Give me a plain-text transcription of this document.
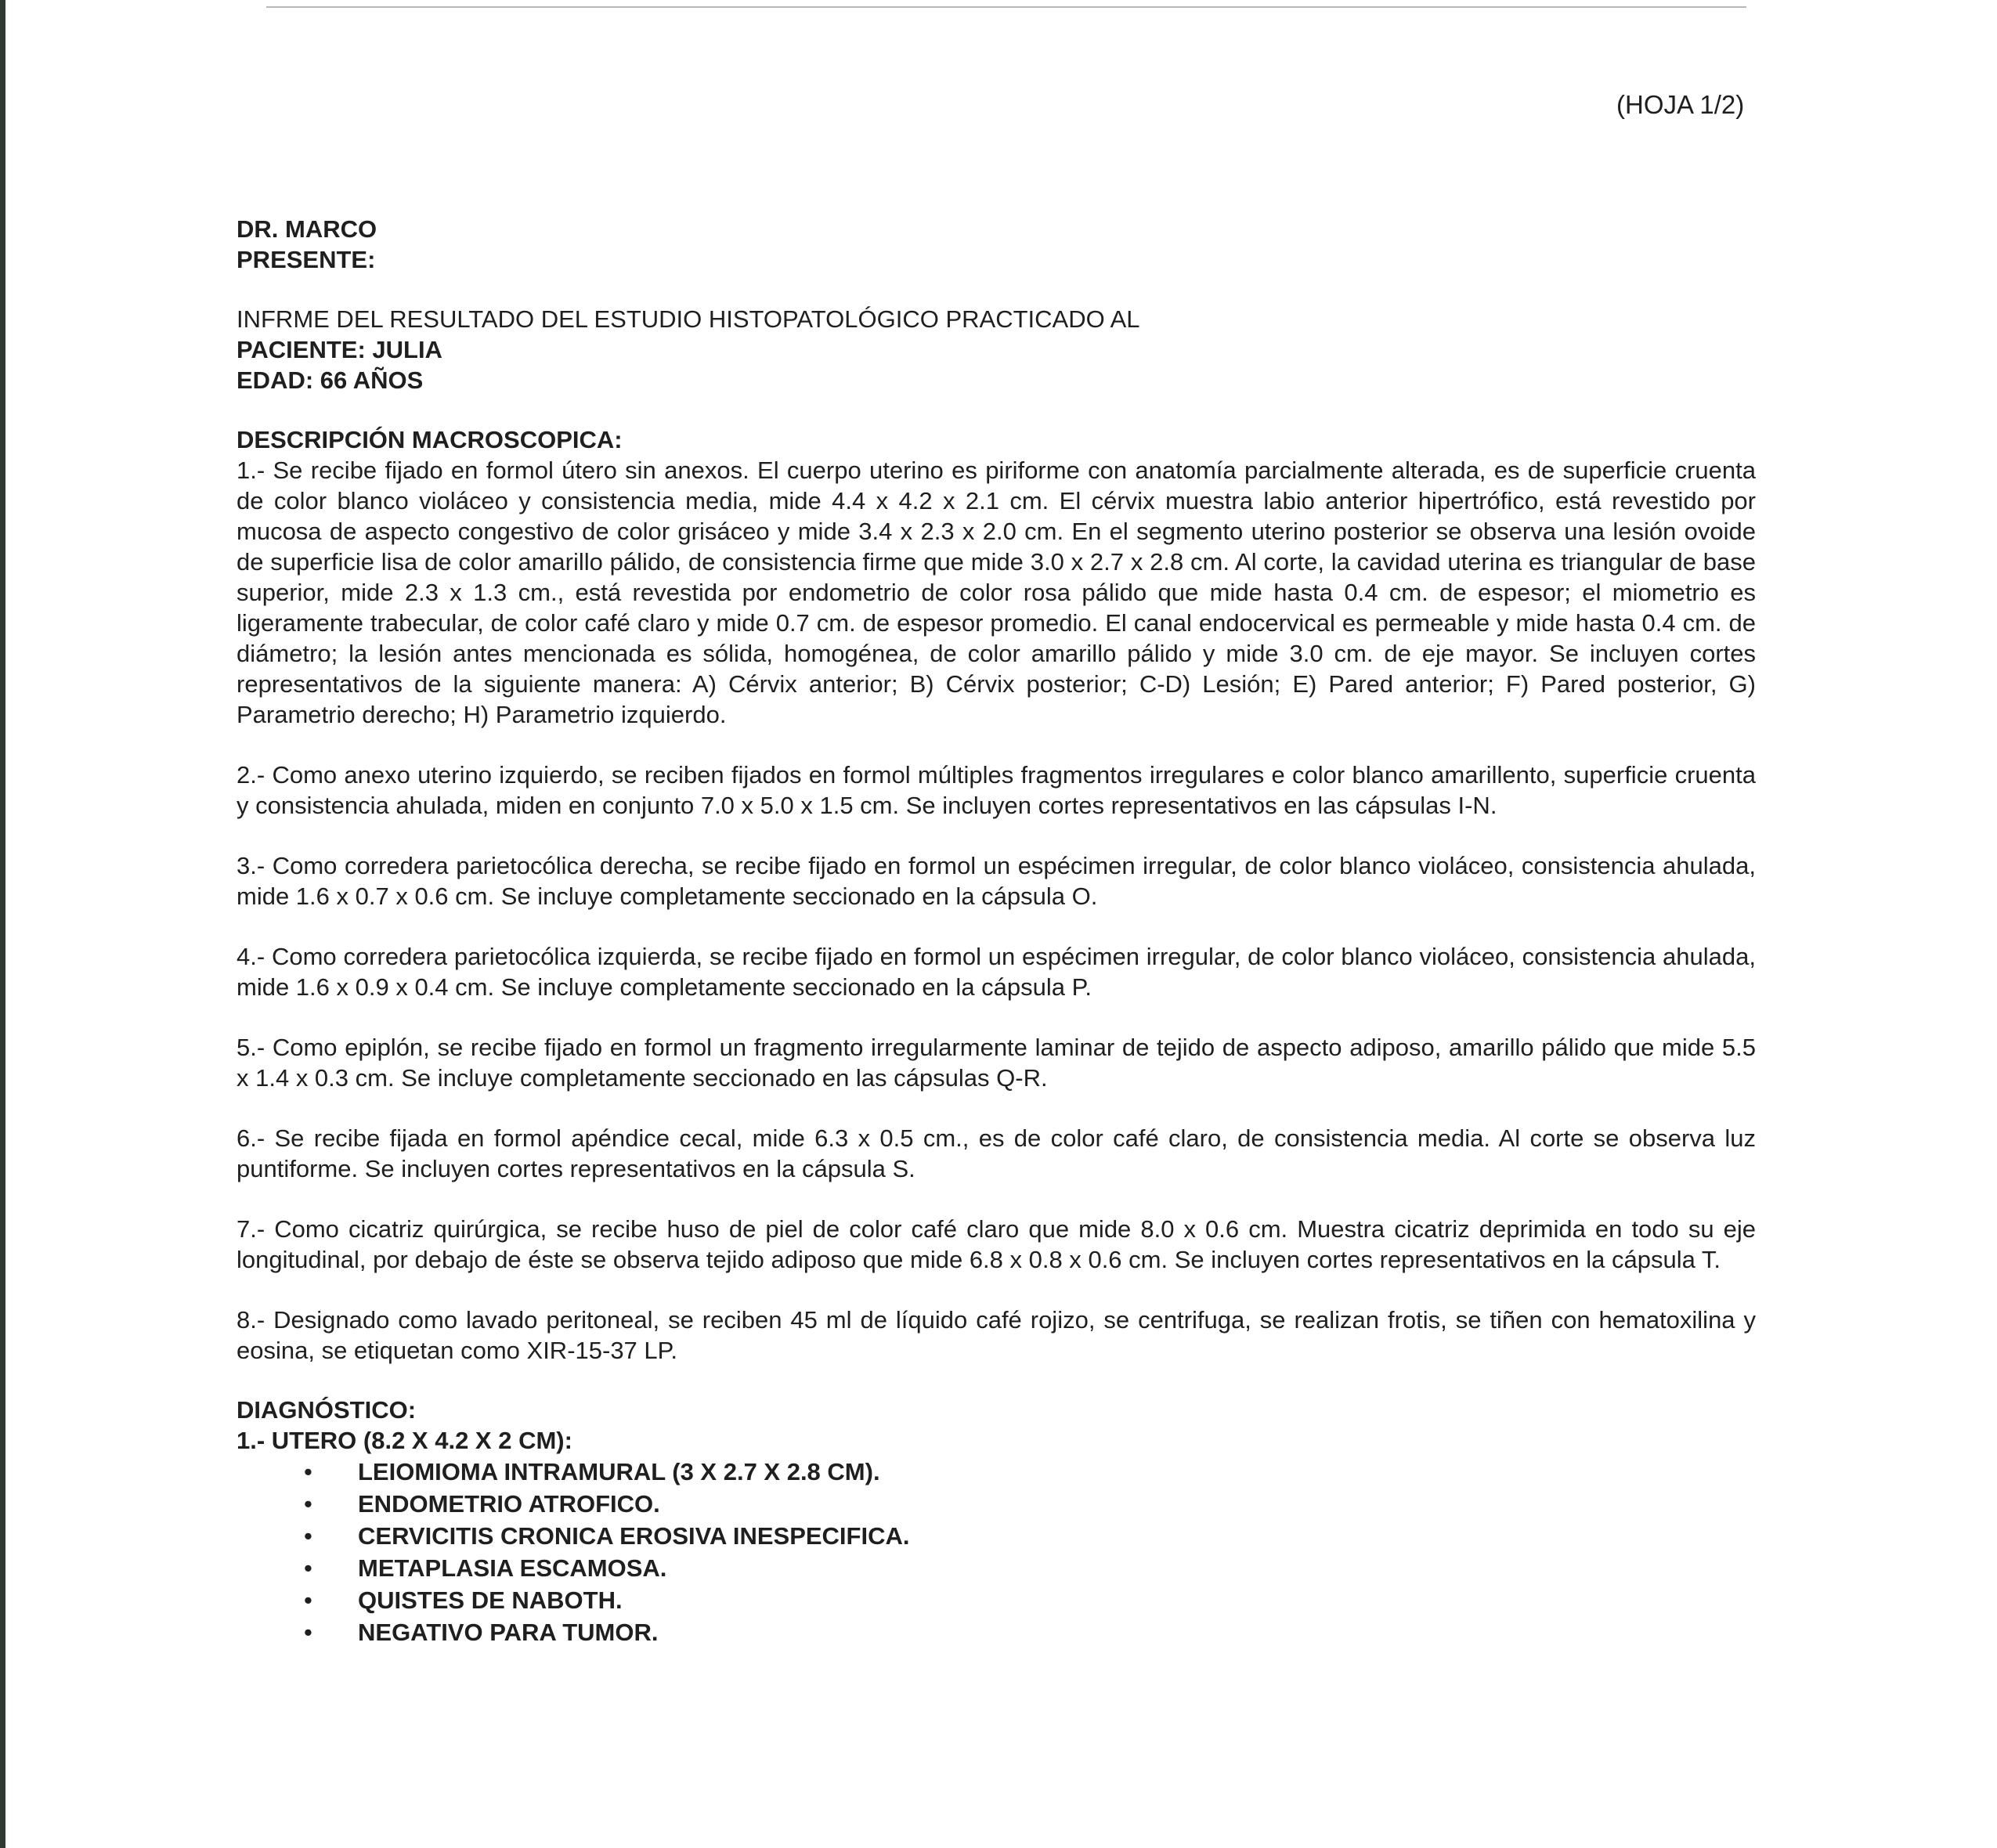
(HOJA 1/2)
DR. MARCO
PRESENTE:
INFRME DEL RESULTADO DEL ESTUDIO HISTOPATOLÓGICO PRACTICADO AL
PACIENTE: JULIA
EDAD: 66 AÑOS
DESCRIPCIÓN MACROSCOPICA:

1.- Se recibe fijado en formol útero sin anexos. El cuerpo uterino es piriforme con anatomía parcialmente alterada, es de superficie cruenta de color blanco violáceo y consistencia media, mide 4.4 x 4.2 x 2.1 cm. El cérvix muestra labio anterior hipertrófico, está revestido por mucosa de aspecto congestivo de color grisáceo y mide 3.4 x 2.3 x 2.0 cm. En el segmento uterino posterior se observa una lesión ovoide de superficie lisa de color amarillo pálido, de consistencia firme que mide 3.0 x 2.7 x 2.8 cm. Al corte, la cavidad uterina es triangular de base superior, mide 2.3 x 1.3 cm., está revestida por endometrio de color rosa pálido que mide hasta 0.4 cm. de espesor; el miometrio es ligeramente trabecular, de color café claro y mide 0.7 cm. de espesor promedio. El canal endocervical es permeable y mide hasta 0.4 cm. de diámetro; la lesión antes mencionada es sólida, homogénea, de color amarillo pálido y mide 3.0 cm. de eje mayor. Se incluyen cortes representativos de la siguiente manera: A) Cérvix anterior; B) Cérvix posterior; C-D) Lesión; E) Pared anterior; F) Pared posterior, G) Parametrio derecho; H) Parametrio izquierdo.

2.- Como anexo uterino izquierdo, se reciben fijados en formol múltiples fragmentos irregulares e color blanco amarillento, superficie cruenta y consistencia ahulada, miden en conjunto 7.0 x 5.0 x 1.5 cm. Se incluyen cortes representativos en las cápsulas I-N.

3.- Como corredera parietocólica derecha, se recibe fijado en formol un espécimen irregular, de color blanco violáceo, consistencia ahulada, mide 1.6 x 0.7 x 0.6 cm. Se incluye completamente seccionado en la cápsula O.

4.- Como corredera parietocólica izquierda, se recibe fijado en formol un espécimen irregular, de color blanco violáceo, consistencia ahulada, mide 1.6 x 0.9 x 0.4 cm. Se incluye completamente seccionado en la cápsula P.

5.- Como epiplón, se recibe fijado en formol un fragmento irregularmente laminar de tejido de aspecto adiposo, amarillo pálido que mide 5.5 x 1.4 x 0.3 cm. Se incluye completamente seccionado en las cápsulas Q-R.

6.- Se recibe fijada en formol apéndice cecal, mide 6.3 x 0.5 cm., es de color café claro, de consistencia media. Al corte se observa luz puntiforme. Se incluyen cortes representativos en la cápsula S.

7.- Como cicatriz quirúrgica, se recibe huso de piel de color café claro que mide 8.0 x 0.6 cm. Muestra cicatriz deprimida en todo su eje longitudinal, por debajo de éste se observa tejido adiposo que mide 6.8 x 0.8 x 0.6 cm. Se incluyen cortes representativos en la cápsula T.

8.- Designado como lavado peritoneal, se reciben 45 ml de líquido café rojizo, se centrifuga, se realizan frotis, se tiñen con hematoxilina y eosina, se etiquetan como XIR-15-37 LP.

DIAGNÓSTICO:
1.- UTERO (8.2 X 4.2 X 2 CM):
• LEIOMIOMA INTRAMURAL (3 X 2.7 X 2.8 CM).
• ENDOMETRIO ATROFICO.
• CERVICITIS CRONICA EROSIVA INESPECIFICA.
• METAPLASIA ESCAMOSA.
• QUISTES DE NABOTH.
• NEGATIVO PARA TUMOR.
